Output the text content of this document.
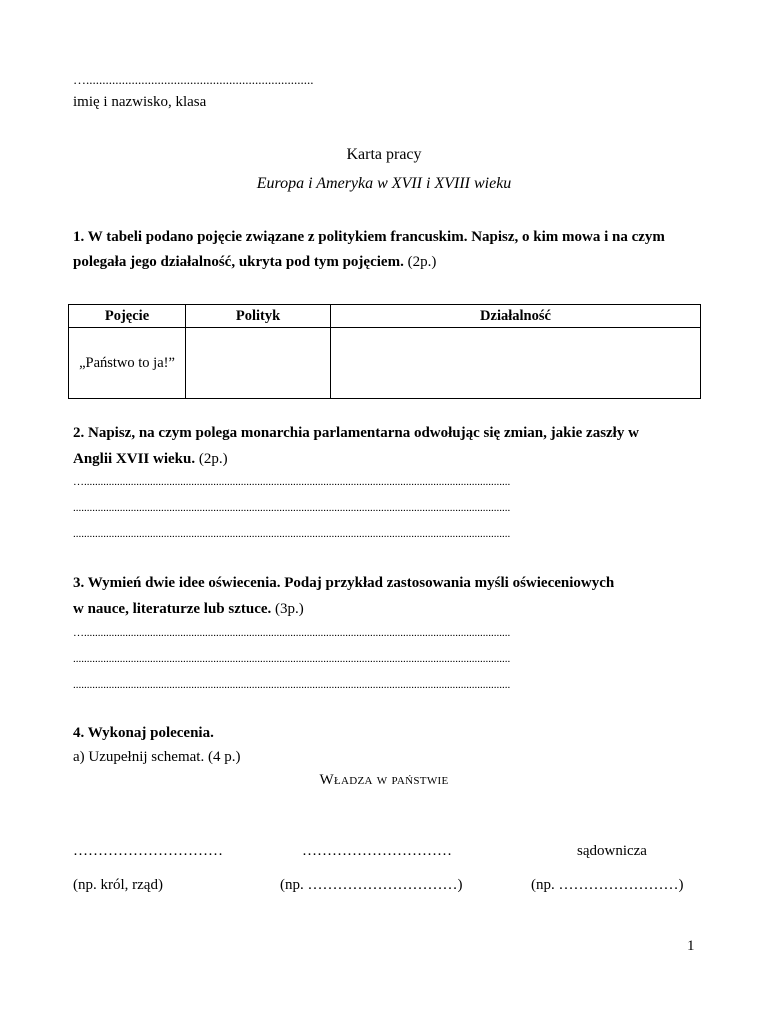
…......................................................................
imię i nazwisko, klasa
Karta pracy
Europa i Ameryka w XVII i XVIII wieku
1. W tabeli podano pojęcie związane z politykiem francuskim. Napisz, o kim mowa i na czym
polegała jego działalność, ukryta pod tym pojęciem. (2p.)
Pojęcie	Polityk	Działalność
„Państwo to ja!”		
2. Napisz, na czym polega monarchia parlamentarna odwołując się zmian, jakie zaszły w
Anglii XVII wieku. (2p.)
…...........................................................................................................................................................
...............................................................................................................................................................
...............................................................................................................................................................
3. Wymień dwie idee oświecenia. Podaj przykład zastosowania myśli oświeceniowych
w nauce, literaturze lub sztuce. (3p.)
…...........................................................................................................................................................
...............................................................................................................................................................
...............................................................................................................................................................
4. Wykonaj polecenia.
a) Uzupełnij schemat. (4 p.)
Władza w państwie
…………………………	…………………………	sądownicza
(np. król, rząd)	(np. …………………………)	(np. ……………………)
1
